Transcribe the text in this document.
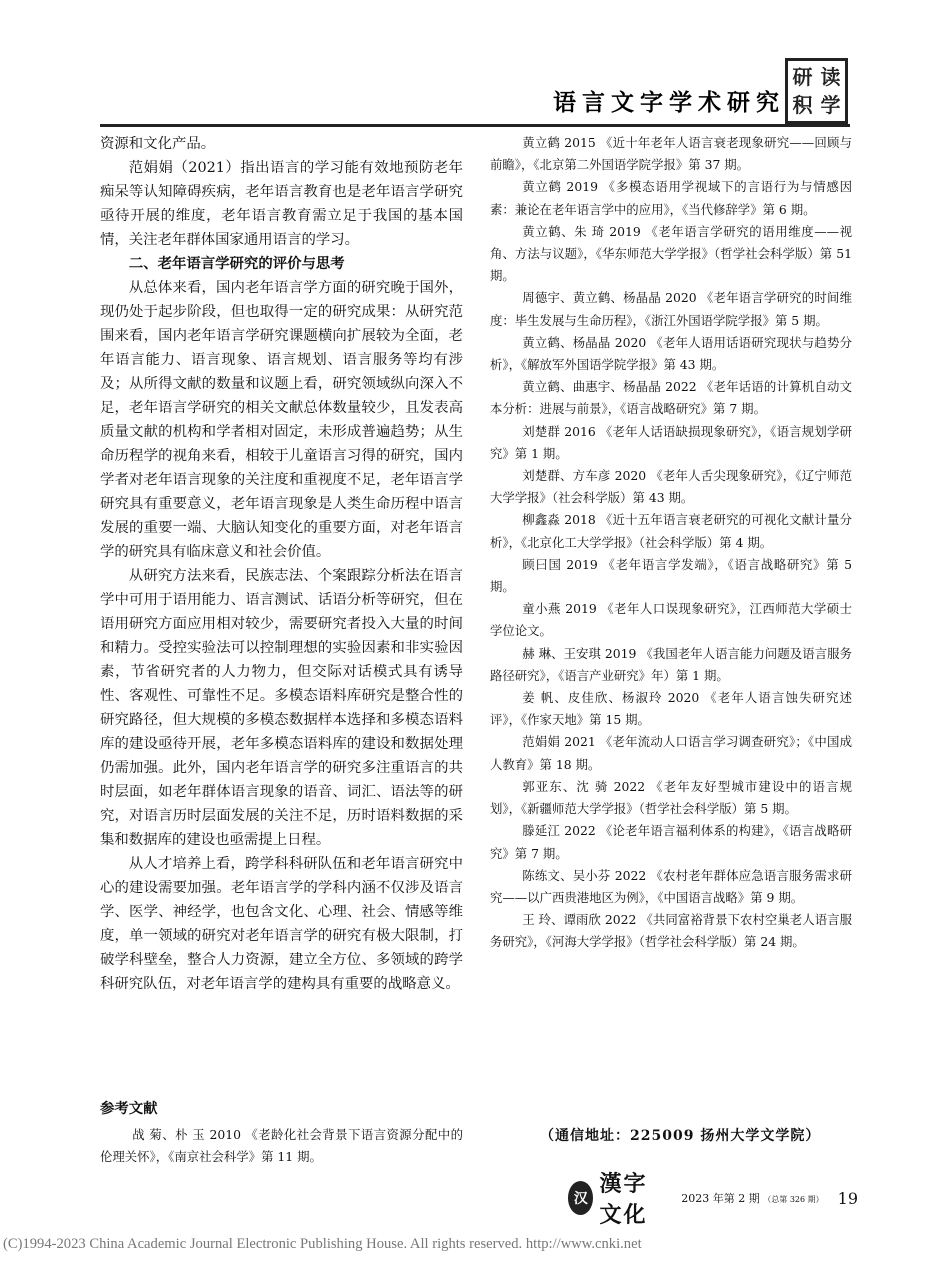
语言文字学术研究
研 读
积 学

资源和文化产品。

范娟娟（2021）指出语言的学习能有效地预防老年痴呆等认知障碍疾病，老年语言教育也是老年语言学研究亟待开展的维度，老年语言教育需立足于我国的基本国情，关注老年群体国家通用语言的学习。

二、老年语言学研究的评价与思考

从总体来看，国内老年语言学方面的研究晚于国外，现仍处于起步阶段，但也取得一定的研究成果：从研究范围来看，国内老年语言学研究课题横向扩展较为全面，老年语言能力、语言现象、语言规划、语言服务等均有涉及；从所得文献的数量和议题上看，研究领域纵向深入不足，老年语言学研究的相关文献总体数量较少，且发表高质量文献的机构和学者相对固定，未形成普遍趋势；从生命历程学的视角来看，相较于儿童语言习得的研究，国内学者对老年语言现象的关注度和重视度不足，老年语言学研究具有重要意义，老年语言现象是人类生命历程中语言发展的重要一端、大脑认知变化的重要方面，对老年语言学的研究具有临床意义和社会价值。

从研究方法来看，民族志法、个案跟踪分析法在语言学中可用于语用能力、语言测试、话语分析等研究，但在语用研究方面应用相对较少，需要研究者投入大量的时间和精力。受控实验法可以控制理想的实验因素和非实验因素，节省研究者的人力物力，但交际对话模式具有诱导性、客观性、可靠性不足。多模态语料库研究是整合性的研究路径，但大规模的多模态数据样本选择和多模态语料库的建设亟待开展，老年多模态语料库的建设和数据处理仍需加强。此外，国内老年语言学的研究多注重语言的共时层面，如老年群体语言现象的语音、词汇、语法等的研究，对语言历时层面发展的关注不足，历时语料数据的采集和数据库的建设也亟需提上日程。

从人才培养上看，跨学科科研队伍和老年语言研究中心的建设需要加强。老年语言学的学科内涵不仅涉及语言学、医学、神经学，也包含文化、心理、社会、情感等维度，单一领域的研究对老年语言学的研究有极大限制，打破学科壁垒，整合人力资源，建立全方位、多领域的跨学科研究队伍，对老年语言学的建构具有重要的战略意义。

参考文献

战 菊、朴 玉 2010 《老龄化社会背景下语言资源分配中的伦理关怀》，《南京社会科学》第 11 期。

黄立鹤 2015 《近十年老年人语言衰老现象研究——回顾与前瞻》，《北京第二外国语学院学报》第 37 期。

黄立鹤 2019 《多模态语用学视域下的言语行为与情感因素：兼论在老年语言学中的应用》，《当代修辞学》第 6 期。

黄立鹤、朱 琦 2019 《老年语言学研究的语用维度——视角、方法与议题》，《华东师范大学学报》（哲学社会科学版）第 51 期。

周德宇、黄立鹤、杨晶晶 2020 《老年语言学研究的时间维度：毕生发展与生命历程》，《浙江外国语学院学报》第 5 期。

黄立鹤、杨晶晶 2020 《老年人语用话语研究现状与趋势分析》，《解放军外国语学院学报》第 43 期。

黄立鹤、曲惠宇、杨晶晶 2022 《老年话语的计算机自动文本分析：进展与前景》，《语言战略研究》第 7 期。

刘楚群 2016 《老年人话语缺损现象研究》，《语言规划学研究》第 1 期。

刘楚群、方车彦 2020 《老年人舌尖现象研究》，《辽宁师范大学学报》（社会科学版）第 43 期。

柳鑫淼 2018 《近十五年语言衰老研究的可视化文献计量分析》，《北京化工大学学报》（社会科学版）第 4 期。

顾曰国 2019 《老年语言学发端》，《语言战略研究》第 5 期。

童小燕 2019 《老年人口误现象研究》，江西师范大学硕士学位论文。

赫 琳、王安琪 2019 《我国老年人语言能力问题及语言服务路径研究》，《语言产业研究》年）第 1 期。

姜 帆、皮佳欣、杨淑玲 2020 《老年人语言蚀失研究述评》，《作家天地》第 15 期。

范娟娟 2021 《老年流动人口语言学习调查研究》；《中国成人教育》第 18 期。

郭亚东、沈 骑 2022 《老年友好型城市建设中的语言规划》，《新疆师范大学学报》（哲学社会科学版）第 5 期。

滕延江 2022 《论老年语言福利体系的构建》，《语言战略研究》第 7 期。

陈练文、吴小芬 2022 《农村老年群体应急语言服务需求研究——以广西贵港地区为例》，《中国语言战略》第 9 期。

王 玲、谭雨欣 2022 《共同富裕背景下农村空巢老人语言服务研究》，《河海大学学报》（哲学社会科学版）第 24 期。

（通信地址：225009 扬州大学文学院）
汉
漢字文化
2023 年第 2 期 （总第 326 期） 19
(C)1994-2023 China Academic Journal Electronic Publishing House. All rights reserved. http://www.cnki.net
